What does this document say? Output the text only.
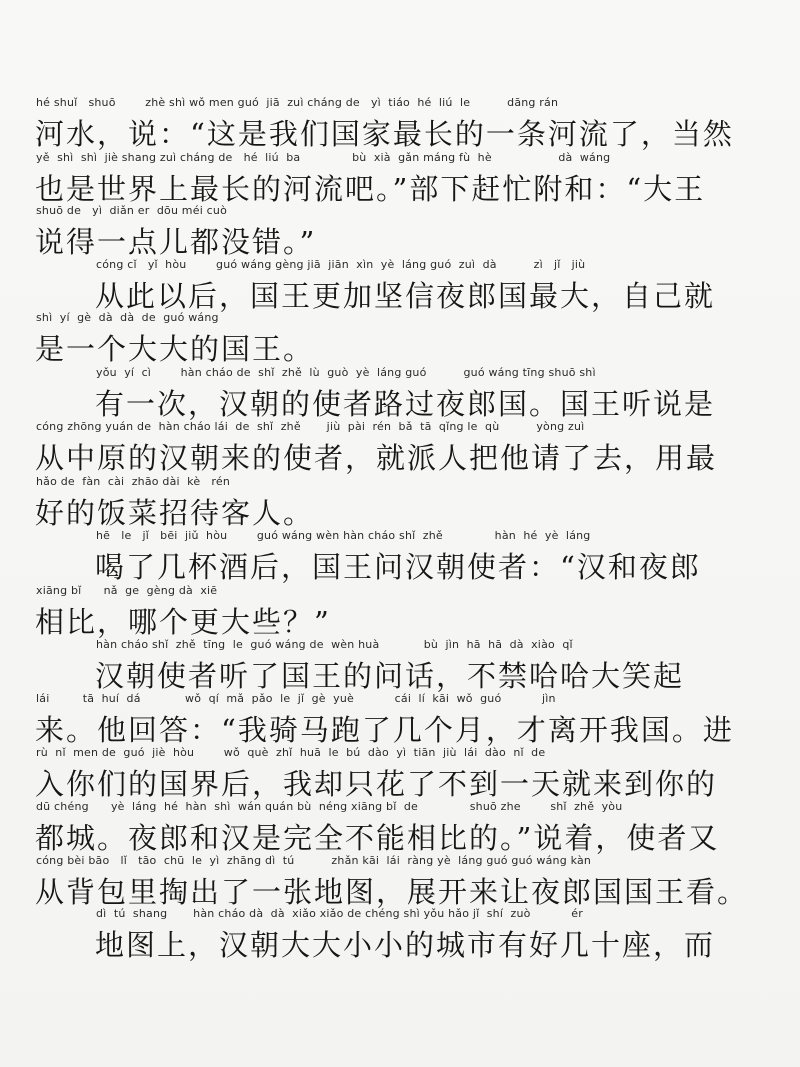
hé shuǐ   shuō        zhè shì wǒ men guó  jiā  zuì cháng de   yì  tiáo  hé  liú  le          dāng rán
河水，说：“这是我们国家最长的一条河流了，当然
yě  shì  shì  jiè shang zuì cháng de   hé  liú  ba              bù  xià  gǎn máng fù  hè                  dà  wáng
也是世界上最长的河流吧。”部下赶忙附和：“大王
shuō de   yì  diǎn er  dōu méi cuò
说得一点儿都没错。”
cóng cǐ   yǐ  hòu        guó wáng gèng jiā  jiān  xìn  yè  láng guó  zuì  dà          zì   jǐ   jiù
从此以后，国王更加坚信夜郎国最大，自己就
shì  yí  gè  dà  dà  de  guó wáng
是一个大大的国王。
yǒu  yí  cì        hàn cháo de  shǐ  zhě  lù  guò  yè  láng guó          guó wáng tīng shuō shì
有一次，汉朝的使者路过夜郎国。国王听说是
cóng zhōng yuán de  hàn cháo lái  de  shǐ  zhě       jiù  pài  rén  bǎ  tā  qǐng le  qù          yòng zuì
从中原的汉朝来的使者，就派人把他请了去，用最
hǎo de  fàn  cài  zhāo dài  kè   rén
好的饭菜招待客人。
hē   le   jǐ   bēi  jiǔ  hòu        guó wáng wèn hàn cháo shǐ  zhě              hàn  hé  yè  láng
喝了几杯酒后，国王问汉朝使者：“汉和夜郎
xiāng bǐ      nǎ  ge  gèng dà  xiē
相比，哪个更大些？”
hàn cháo shǐ  zhě  tīng  le  guó wáng de  wèn huà            bù  jìn  hā  hā  dà  xiào  qǐ
汉朝使者听了国王的问话，不禁哈哈大笑起
lái         tā  huí  dá            wǒ  qí  mǎ  pǎo  le  jǐ  gè  yuè           cái  lí  kāi  wǒ  guó           jìn
来。他回答：“我骑马跑了几个月，才离开我国。进
rù  nǐ  men de  guó  jiè  hòu        wǒ  què  zhǐ  huā  le  bú  dào  yì  tiān  jiù  lái  dào  nǐ  de
入你们的国界后，我却只花了不到一天就来到你的
dū chéng      yè  láng  hé  hàn  shì  wán quán bù  néng xiāng bǐ  de              shuō zhe        shǐ  zhě  yòu
都城。夜郎和汉是完全不能相比的。”说着，使者又
cóng bèi bāo   lǐ   tāo  chū  le  yì  zhāng dì  tú          zhǎn kāi  lái  ràng yè  láng guó guó wáng kàn
从背包里掏出了一张地图，展开来让夜郎国国王看。
dì  tú  shang       hàn cháo dà  dà  xiǎo xiǎo de chéng shì yǒu hǎo jǐ  shí  zuò           ér
地图上，汉朝大大小小的城市有好几十座，而
